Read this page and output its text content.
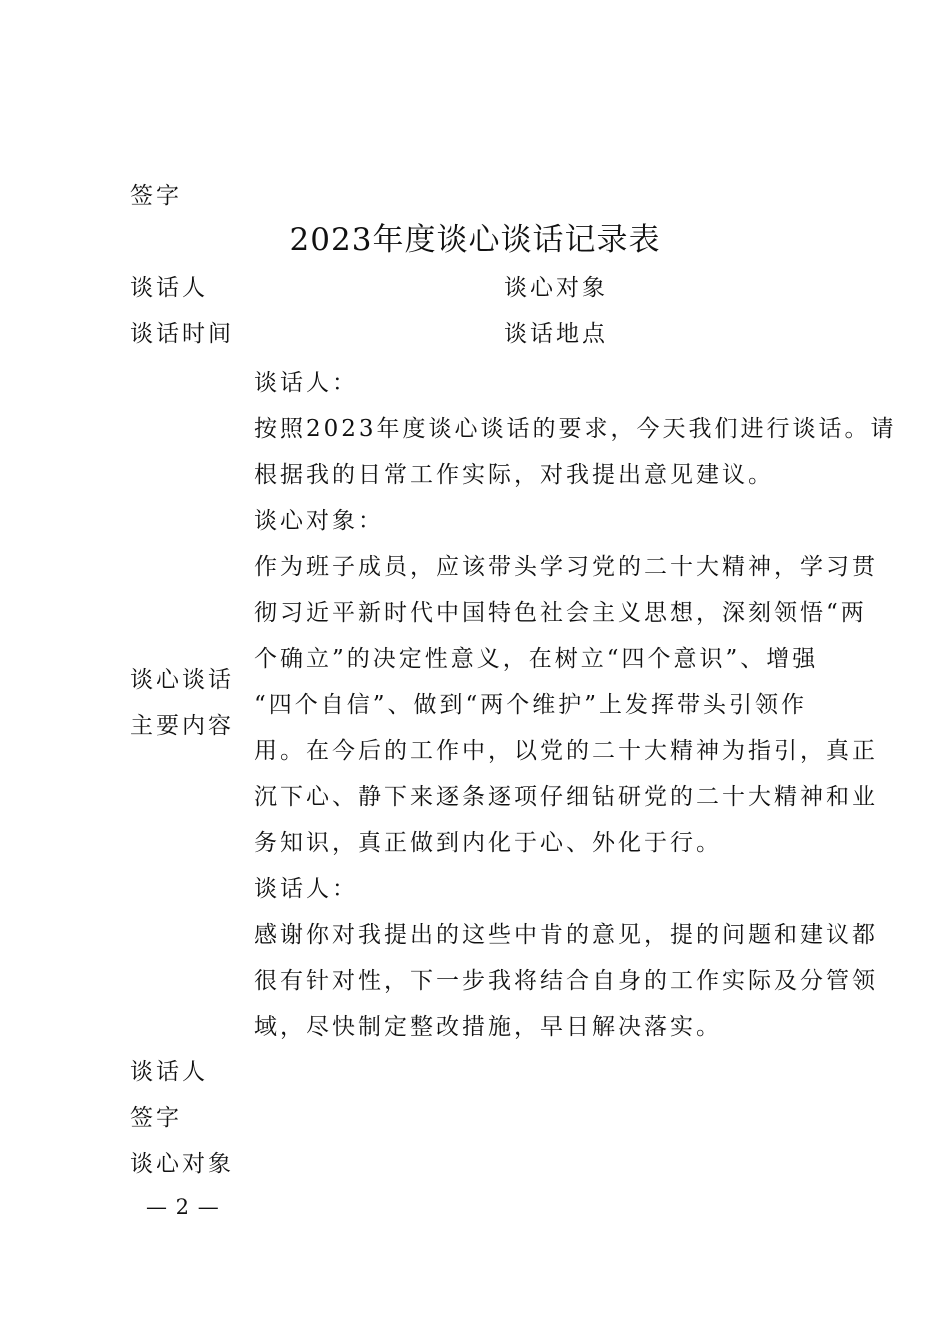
签字
2023年度谈心谈话记录表
谈话人	谈心对象
谈话时间	谈话地点
谈心谈话
主要内容
谈话人：
按照2023年度谈心谈话的要求，今天我们进行谈话。请
根据我的日常工作实际，对我提出意见建议。
谈心对象：
作为班子成员，应该带头学习党的二十大精神，学习贯
彻习近平新时代中国特色社会主义思想，深刻领悟“两
个确立”的决定性意义，在树立“四个意识”、增强
“四个自信”、做到“两个维护”上发挥带头引领作
用。在今后的工作中，以党的二十大精神为指引，真正
沉下心、静下来逐条逐项仔细钻研党的二十大精神和业
务知识，真正做到内化于心、外化于行。
谈话人：
感谢你对我提出的这些中肯的意见，提的问题和建议都
很有针对性，下一步我将结合自身的工作实际及分管领
域，尽快制定整改措施，早日解决落实。
谈话人
签字
谈心对象
— 2 —
